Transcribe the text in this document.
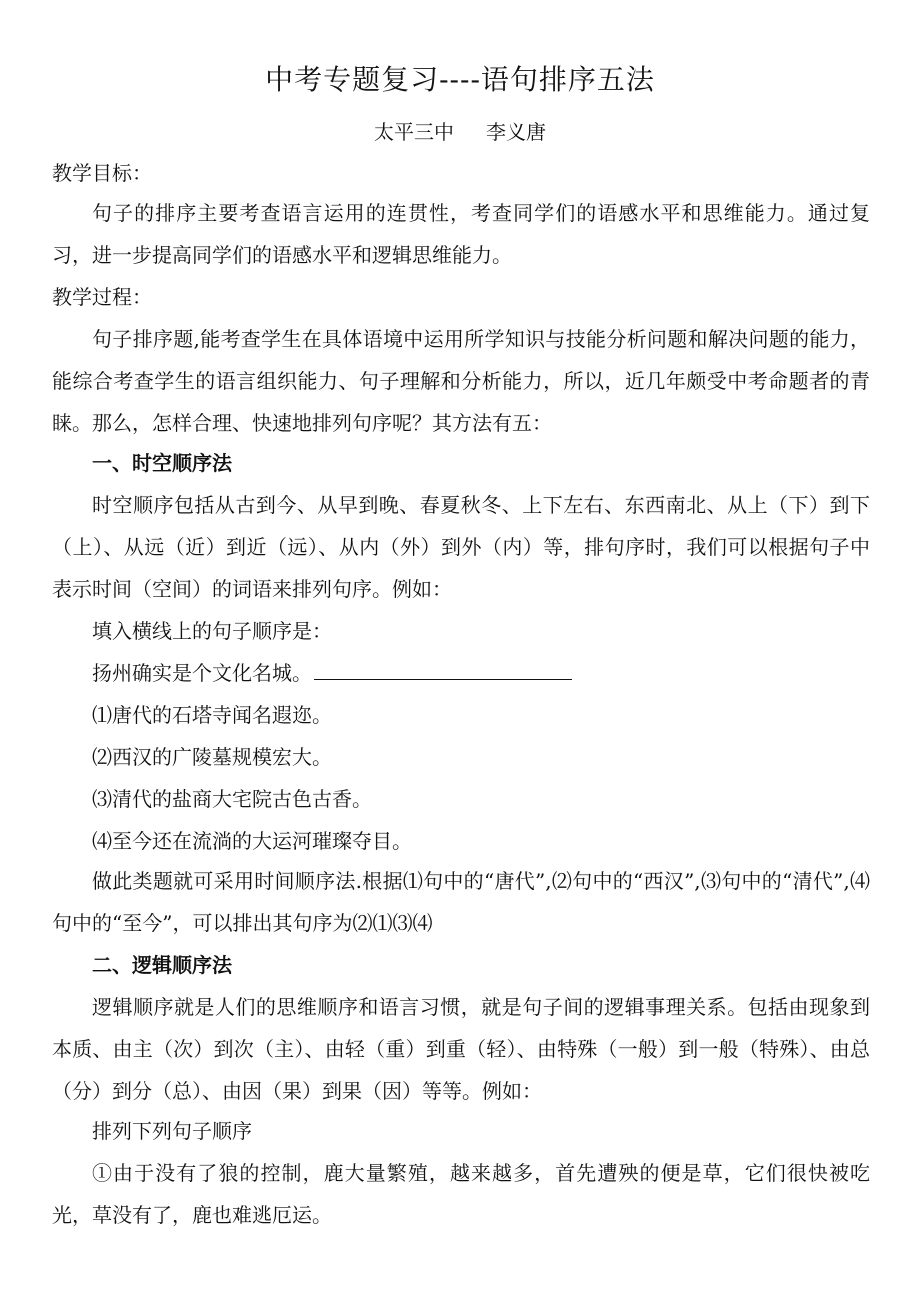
中考专题复习----语句排序五法
太平三中 李义唐
教学目标：
句子的排序主要考查语言运用的连贯性，考查同学们的语感水平和思维能力。通过复习，进一步提高同学们的语感水平和逻辑思维能力。
教学过程：
句子排序题,能考查学生在具体语境中运用所学知识与技能分析问题和解决问题的能力，能综合考查学生的语言组织能力、句子理解和分析能力，所以，近几年颇受中考命题者的青睐。那么，怎样合理、快速地排列句序呢？其方法有五：
一、时空顺序法
时空顺序包括从古到今、从早到晚、春夏秋冬、上下左右、东西南北、从上（下）到下（上）、从远（近）到近（远）、从内（外）到外（内）等，排句序时，我们可以根据句子中表示时间（空间）的词语来排列句序。例如：
填入横线上的句子顺序是：
扬州确实是个文化名城。
⑴唐代的石塔寺闻名遐迩。
⑵西汉的广陵墓规模宏大。
⑶清代的盐商大宅院古色古香。
⑷至今还在流淌的大运河璀璨夺目。
做此类题就可采用时间顺序法.根据⑴句中的“唐代”,⑵句中的“西汉”,⑶句中的“清代”,⑷句中的“至今”，可以排出其句序为⑵⑴⑶⑷
二、逻辑顺序法
逻辑顺序就是人们的思维顺序和语言习惯，就是句子间的逻辑事理关系。包括由现象到本质、由主（次）到次（主）、由轻（重）到重（轻）、由特殊（一般）到一般（特殊）、由总（分）到分（总）、由因（果）到果（因）等等。例如：
排列下列句子顺序
①由于没有了狼的控制，鹿大量繁殖，越来越多，首先遭殃的便是草，它们很快被吃光，草没有了，鹿也难逃厄运。
